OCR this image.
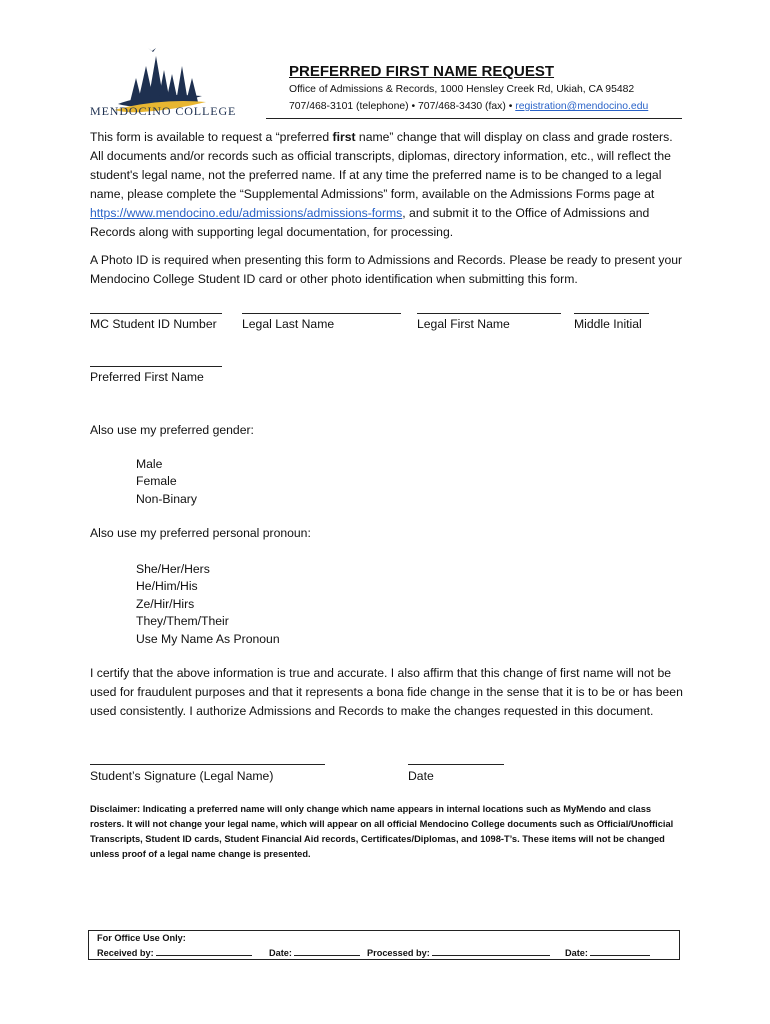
MENDOCINO COLLEGE
PREFERRED FIRST NAME REQUEST
Office of Admissions & Records, 1000 Hensley Creek Rd, Ukiah, CA 95482
707/468-3101 (telephone) • 707/468-3430 (fax) • registration@mendocino.edu
This form is available to request a “preferred first name” change that will display on class and grade rosters. All documents and/or records such as official transcripts, diplomas, directory information, etc., will reflect the student's legal name, not the preferred name. If at any time the preferred name is to be changed to a legal name, please complete the “Supplemental Admissions” form, available on the Admissions Forms page at https://www.mendocino.edu/admissions/admissions-forms, and submit it to the Office of Admissions and Records along with supporting legal documentation, for processing.
A Photo ID is required when presenting this form to Admissions and Records. Please be ready to present your Mendocino College Student ID card or other photo identification when submitting this form.
MC Student ID Number Legal Last Name	Legal First Name	Middle Initial
Preferred First Name
Also use my preferred gender:
Male
Female
Non-Binary
Also use my preferred personal pronoun:
She/Her/Hers
He/Him/His
Ze/Hir/Hirs
They/Them/Their
Use My Name As Pronoun
I certify that the above information is true and accurate. I also affirm that this change of first name will not be used for fraudulent purposes and that it represents a bona fide change in the sense that it is to be or has been used consistently. I authorize Admissions and Records to make the changes requested in this document.
Student’s Signature (Legal Name)	Date
Disclaimer: Indicating a preferred name will only change which name appears in internal locations such as MyMendo and class rosters. It will not change your legal name, which will appear on all official Mendocino College documents such as Official/Unofficial Transcripts, Student ID cards, Student Financial Aid records, Certificates/Diplomas, and 1098-T’s. These items will not be changed unless proof of a legal name change is presented.
For Office Use Only:
Received by:	Date:	Processed by:	Date:
